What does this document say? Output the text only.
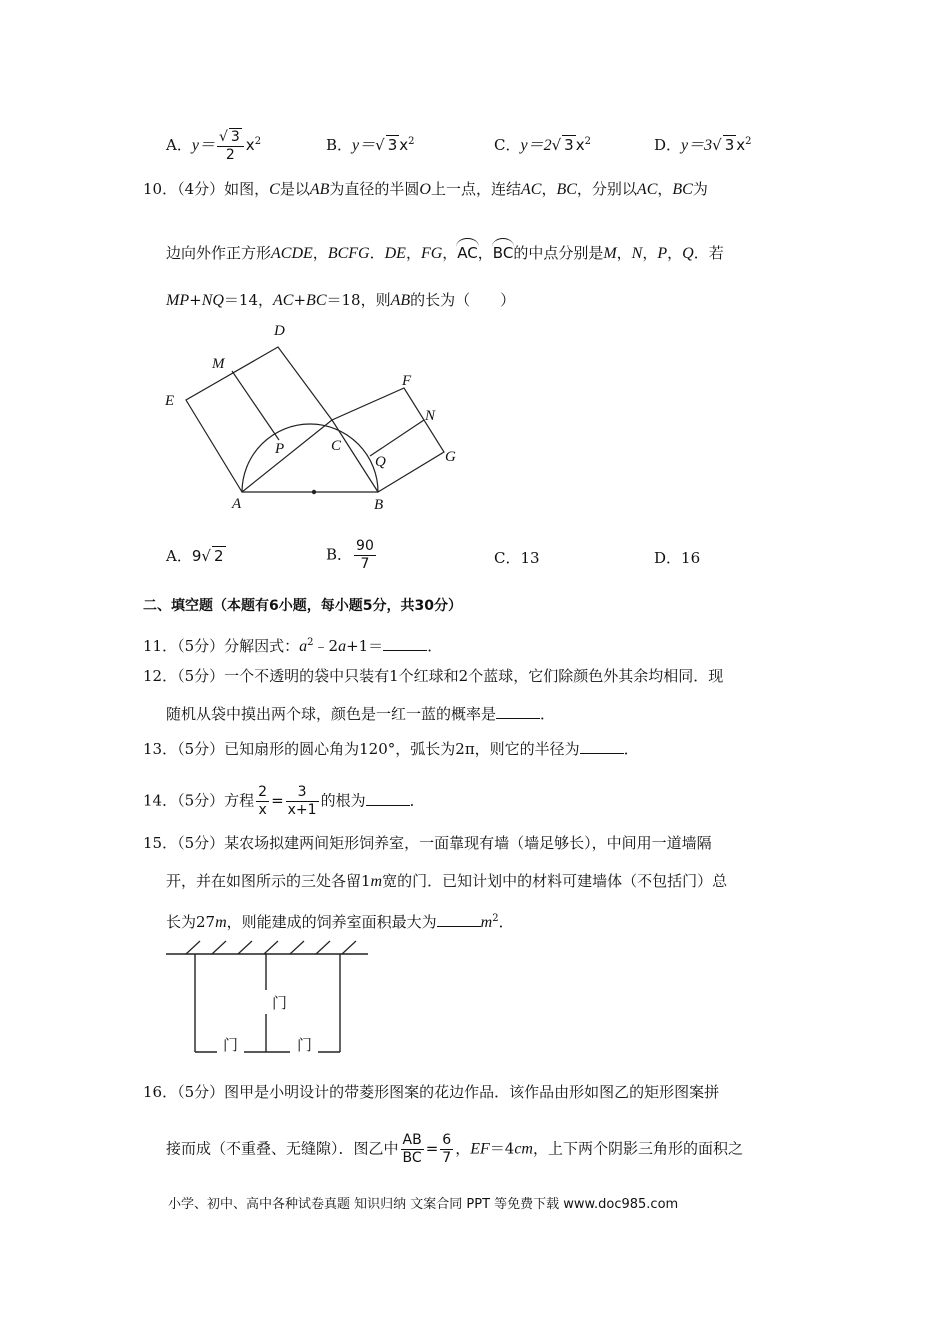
A．$y= \frac{√ 3}{2} x^2$	B．y＝√ 3 $x^2$	C．y＝2√ 3 $x^2$	D．y＝3√ 3 $x^2$
10．（4分）如图，C是以AB为直径的半圆O上一点，连结AC，BC，分别以AC，BC为
边向外作正方形ACDE，BCFG．DE，FG，AC，BC的中点分别是M，N，P，Q．若
MP+NQ＝14，AC+BC＝18，则AB的长为（　　）
D
M
E
F
N
P	C
Q	G
A	B
A．9√ 2	B． $\frac{90}{7}$	C．13	D．16
二、填空题（本题有6小题，每小题5分，共30分）
11．（5分）分解因式：$a^2﹣2a+1=$	．
12．（5分）一个不透明的袋中只装有1个红球和2个蓝球，它们除颜色外其余均相同．现
随机从袋中摸出两个球，颜色是一红一蓝的概率是	．
13．（5分）已知扇形的圆心角为120°，弧长为2π，则它的半径为	．
14．（5分）方程 $\frac{2}{x} = \frac{3}{x+1}$ 的根为	．
15．（5分）某农场拟建两间矩形饲养室，一面靠现有墙（墙足够长），中间用一道墙隔
开，并在如图所示的三处各留1m宽的门．已知计划中的材料可建墙体（不包括门）总
长为27m，则能建成的饲养室面积最大为	$m^2$．
门
门	门
16．（5分）图甲是小明设计的带菱形图案的花边作品．该作品由形如图乙的矩形图案拼
接而成（不重叠、无缝隙）．图乙中 $\frac{AB}{BC} = \frac{6}{7}$ ，EF＝4cm，上下两个阴影三角形的面积之
小学、初中、高中各种试卷真题 知识归纳 文案合同 PPT 等免费下载 www.doc985.com
